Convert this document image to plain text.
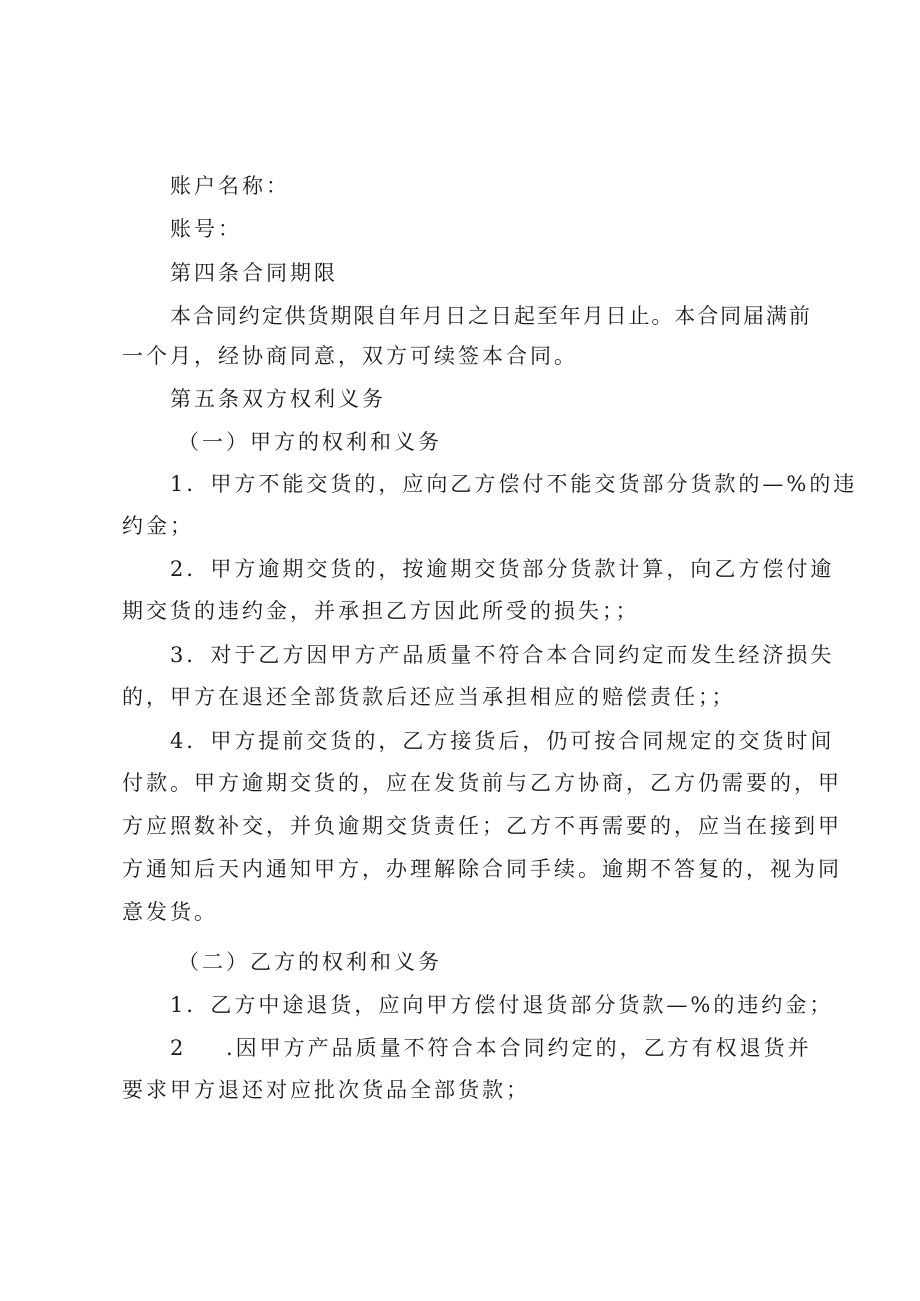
账户名称：
账号：
第四条合同期限
本 合 同 约 定 供 货 期 限 自 年 月 日 之 日 起 至 年 月 日 止 。 本 合 同 届 满 前
一个月，经协商同意，双方可续签本合同。
第五条双方权利义务
（一）甲方的权利和义务
1．甲方不能交货的，应向乙方偿付不能交货部分货款的—%的违
约金；
2．甲方逾期交货的，按逾期交货部分货款计算，向乙方偿付逾
期交货的违约金，并承担乙方因此所受的损失；；
3．对于乙方因甲方产品质量不符合本合同约定而发生经济损失
的，甲方在退还全部货款后还应当承担相应的赔偿责任；；
4．甲方提前交货的，乙方接货后，仍可按合同规定的交货时间
付款。甲方逾期交货的，应在发货前与乙方协商，乙方仍需要的，甲
方应照数补交，并负逾期交货责任；乙方不再需要的，应当在接到甲
方通知后天内通知甲方，办理解除合同手续。逾期不答复的，视为同
意发货。
（二）乙方的权利和义务
1．乙方中途退货，应向甲方偿付退货部分货款—%的违约金；
2 .因甲方产品质量不符合本合同约定的，乙方有权退货并
要求甲方退还对应批次货品全部货款；
